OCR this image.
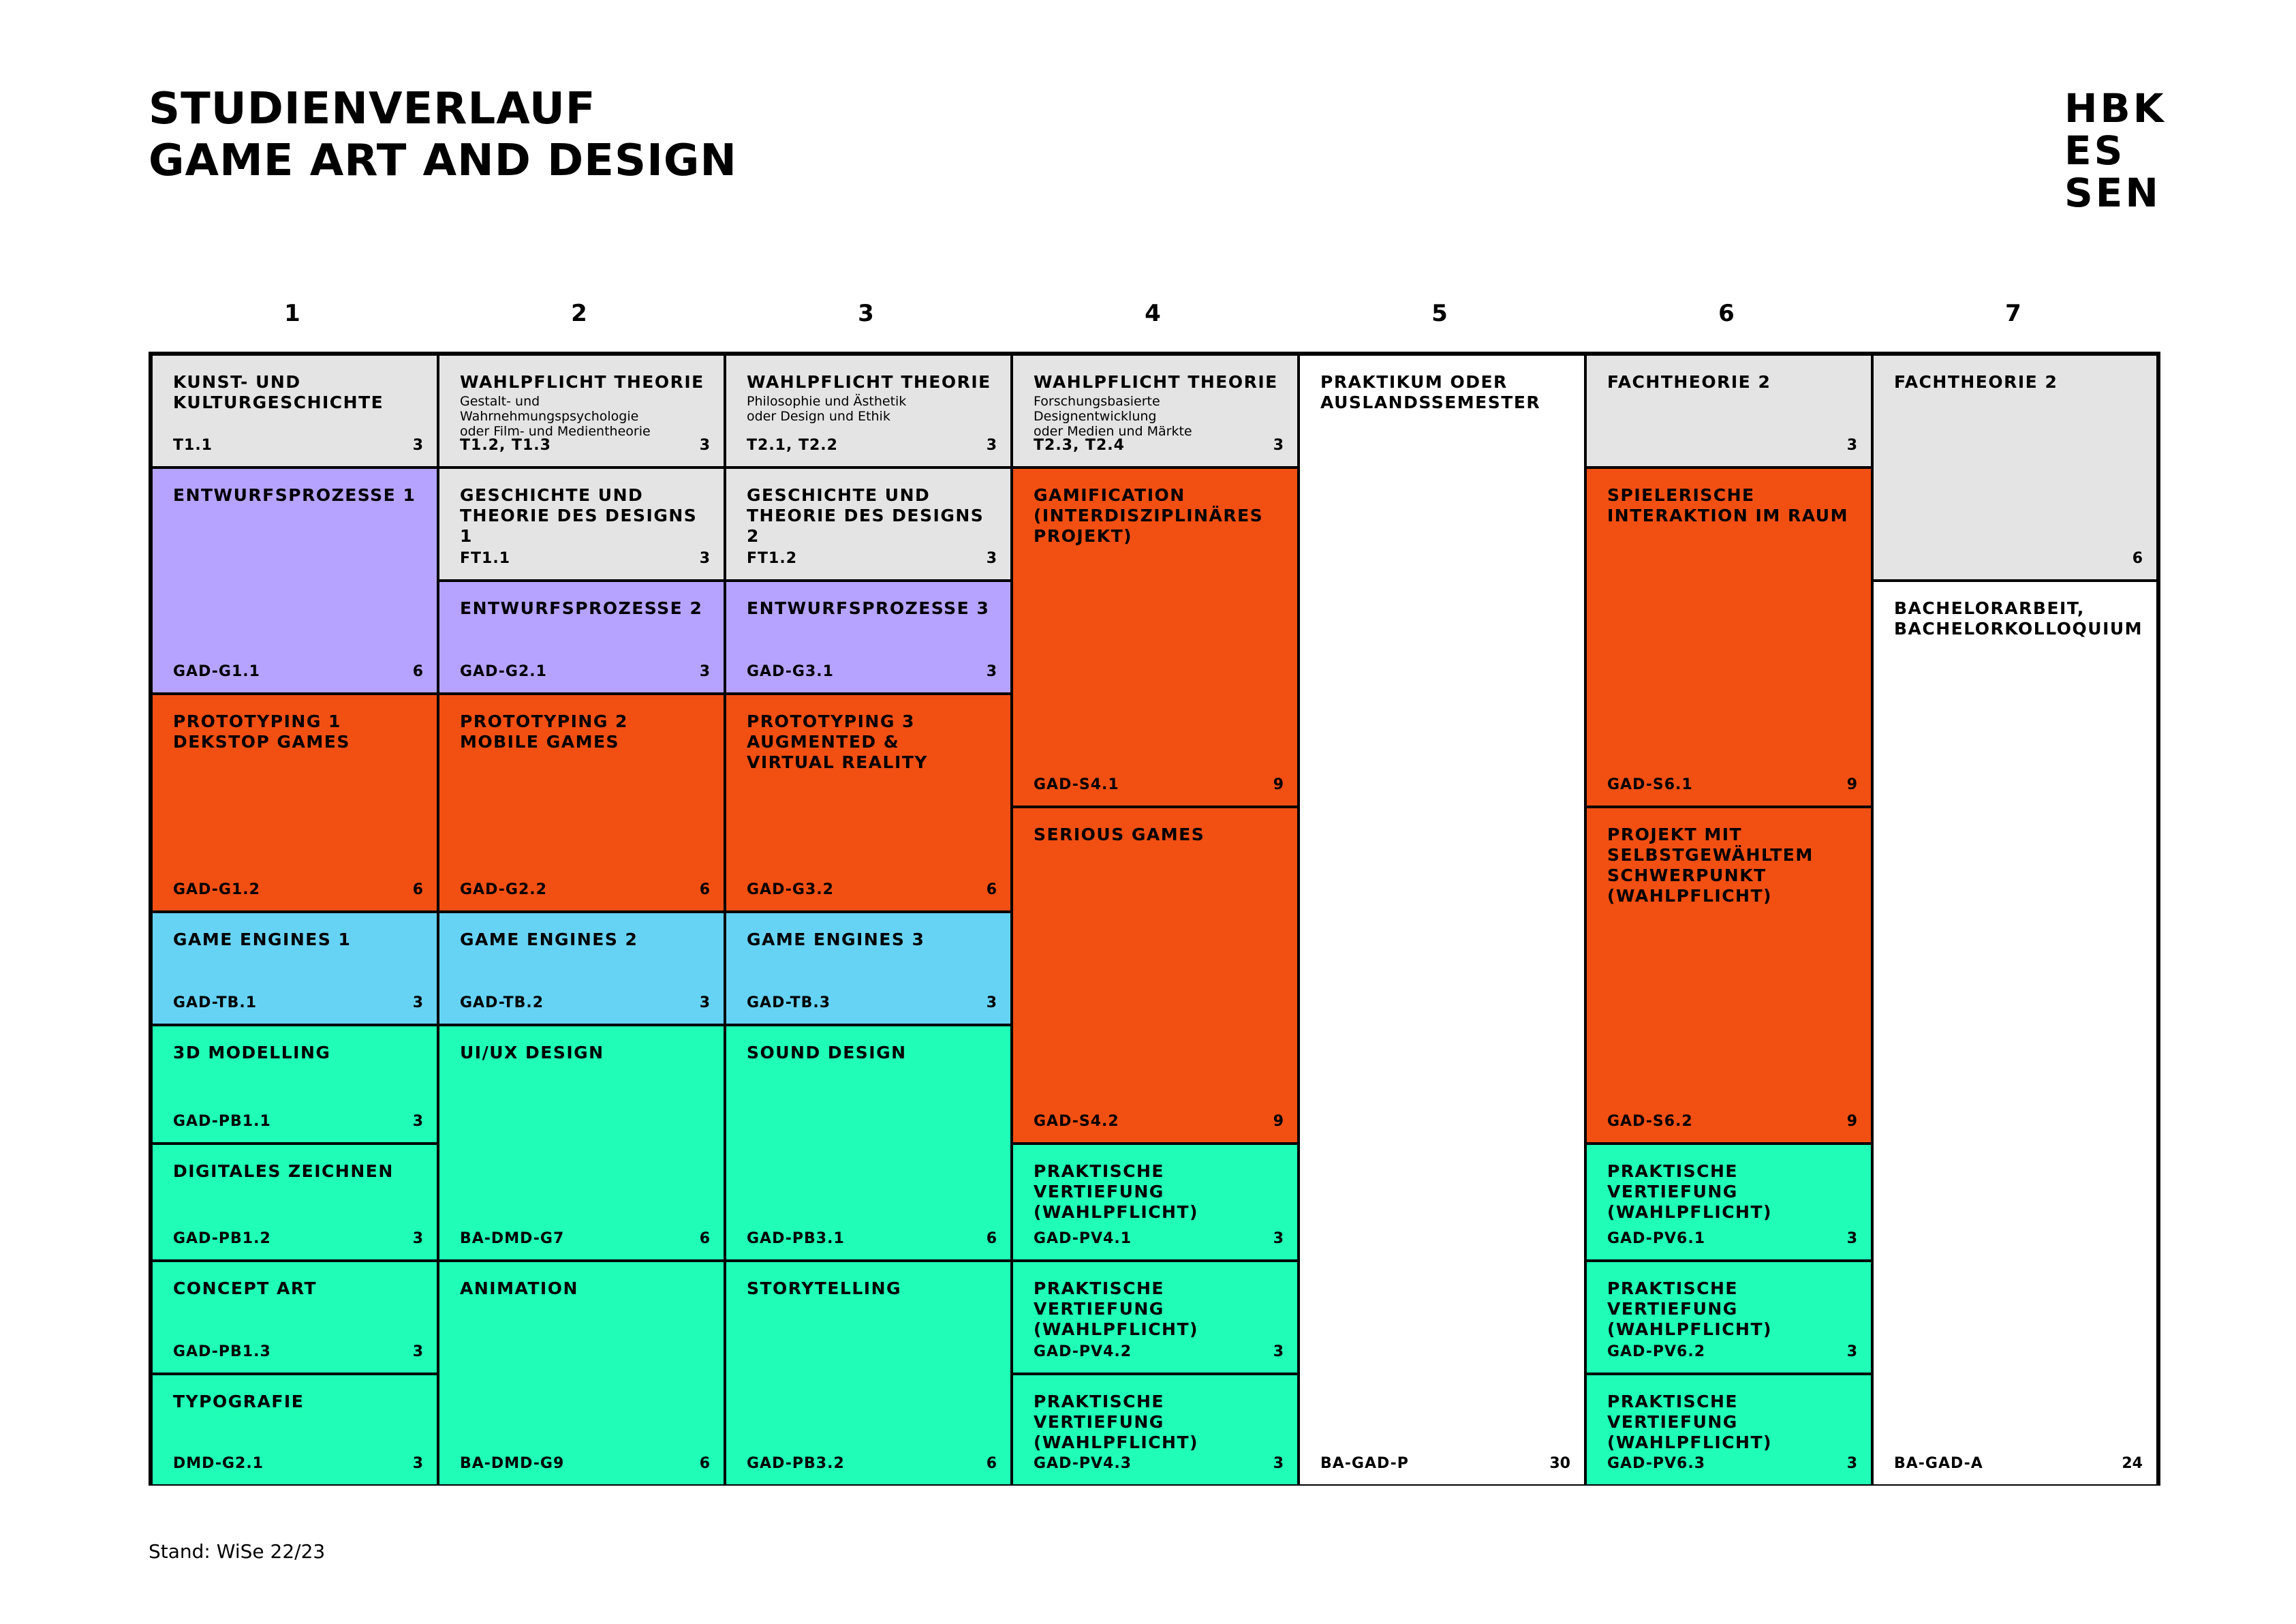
STUDIENVERLAUF
GAME ART AND DESIGN
HBK
ES
SEN
1	2	3	4	5	6	7
KUNST- UND
KULTURGESCHICHTE
T1.1	3
ENTWURFSPROZESSE 1
GAD-G1.1	6
PROTOTYPING 1
DEKSTOP GAMES
GAD-G1.2	6
GAME ENGINES 1
GAD-TB.1	3
3D MODELLING
GAD-PB1.1	3
DIGITALES ZEICHNEN
GAD-PB1.2	3
CONCEPT ART
GAD-PB1.3	3
TYPOGRAFIE
DMD-G2.1	3
WAHLPFLICHT THEORIE
Gestalt- und Wahrnehmungspsychologie
oder Film- und Medientheorie
T1.2, T1.3	3
GESCHICHTE UND
THEORIE DES DESIGNS 1
FT1.1	3
ENTWURFSPROZESSE 2
GAD-G2.1	3
PROTOTYPING 2
MOBILE GAMES
GAD-G2.2	6
GAME ENGINES 2
GAD-TB.2	3
UI/UX DESIGN
BA-DMD-G7	6
ANIMATION
BA-DMD-G9	6
WAHLPFLICHT THEORIE
Philosophie und Ästhetik
oder Design und Ethik
T2.1, T2.2	3
GESCHICHTE UND
THEORIE DES DESIGNS 2
FT1.2	3
ENTWURFSPROZESSE 3
GAD-G3.1	3
PROTOTYPING 3
AUGMENTED &
VIRTUAL REALITY
GAD-G3.2	6
GAME ENGINES 3
GAD-TB.3	3
SOUND DESIGN
GAD-PB3.1	6
STORYTELLING
GAD-PB3.2	6
WAHLPFLICHT THEORIE
Forschungsbasierte Designentwicklung
oder Medien und Märkte
T2.3, T2.4	3
GAMIFICATION
(INTERDISZIPLINÄRES
PROJEKT)
GAD-S4.1	9
SERIOUS GAMES
GAD-S4.2	9
PRAKTISCHE VERTIEFUNG
(WAHLPFLICHT)
GAD-PV4.1	3
PRAKTISCHE VERTIEFUNG
(WAHLPFLICHT)
GAD-PV4.2	3
PRAKTISCHE VERTIEFUNG
(WAHLPFLICHT)
GAD-PV4.3	3
PRAKTIKUM ODER
AUSLANDSSEMESTER
BA-GAD-P	30
FACHTHEORIE 2
3
SPIELERISCHE
INTERAKTION IM RAUM
GAD-S6.1	9
PROJEKT MIT
SELBSTGEWÄHLTEM
SCHWERPUNKT
(WAHLPFLICHT)
GAD-S6.2	9
PRAKTISCHE VERTIEFUNG
(WAHLPFLICHT)
GAD-PV6.1	3
PRAKTISCHE VERTIEFUNG
(WAHLPFLICHT)
GAD-PV6.2	3
PRAKTISCHE VERTIEFUNG
(WAHLPFLICHT)
GAD-PV6.3	3
FACHTHEORIE 2
6
BACHELORARBEIT,
BACHELORKOLLOQUIUM
BA-GAD-A	24
Stand: WiSe 22/23
